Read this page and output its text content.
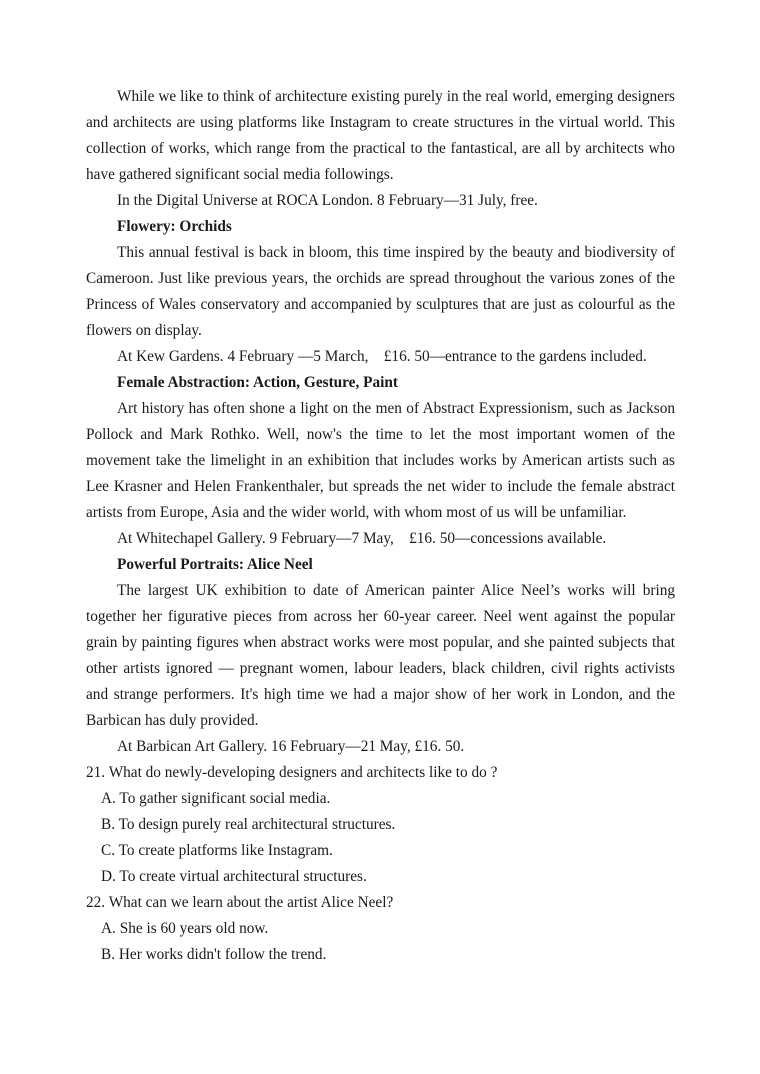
While we like to think of architecture existing purely in the real world, emerging designers and architects are using platforms like Instagram to create structures in the virtual world. This collection of works, which range from the practical to the fantastical, are all by architects who have gathered significant social media followings.

In the Digital Universe at ROCA London. 8 February—31 July, free.

Flowery: Orchids

This annual festival is back in bloom, this time inspired by the beauty and biodiversity of Cameroon. Just like previous years, the orchids are spread throughout the various zones of the Princess of Wales conservatory and accompanied by sculptures that are just as colourful as the flowers on display.

At Kew Gardens. 4 February —5 March,    £16. 50—entrance to the gardens included.

Female Abstraction: Action, Gesture, Paint

Art history has often shone a light on the men of Abstract Expressionism, such as Jackson Pollock and Mark Rothko. Well, now's the time to let the most important women of the movement take the limelight in an exhibition that includes works by American artists such as Lee Krasner and Helen Frankenthaler, but spreads the net wider to include the female abstract artists from Europe, Asia and the wider world, with whom most of us will be unfamiliar.

At Whitechapel Gallery. 9 February—7 May,    £16. 50—concessions available.

Powerful Portraits: Alice Neel

The largest UK exhibition to date of American painter Alice Neel’s works will bring together her figurative pieces from across her 60-year career. Neel went against the popular grain by painting figures when abstract works were most popular, and she painted subjects that other artists ignored — pregnant women, labour leaders, black children, civil rights activists and strange performers. It's high time we had a major show of her work in London, and the Barbican has duly provided.

At Barbican Art Gallery. 16 February—21 May, £16. 50.

21. What do newly-developing designers and architects like to do ?

A. To gather significant social media.

B. To design purely real architectural structures.

C. To create platforms like Instagram.

D. To create virtual architectural structures.

22. What can we learn about the artist Alice Neel?

A. She is 60 years old now.

B. Her works didn't follow the trend.
